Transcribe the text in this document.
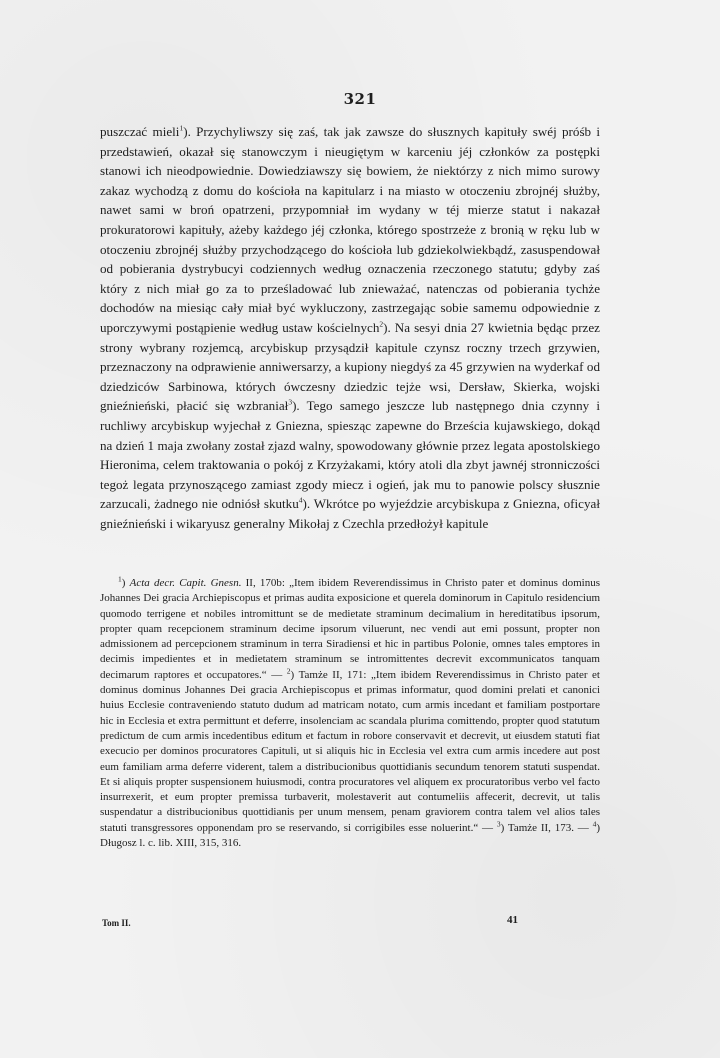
321

puszczać mieli$^1$). Przychyliwszy się zaś, tak jak zawsze do słusznych kapituły swéj próśb i przedstawień, okazał się stanowczym i nieugiętym w karceniu jéj członków za postępki stanowi ich nieodpowiednie. Dowiedziawszy się bowiem, że niektórzy z nich mimo surowy zakaz wychodzą z domu do kościoła na kapitularz i na miasto w otoczeniu zbrojnéj służby, nawet sami w broń opatrzeni, przypomniał im wydany w téj mierze statut i nakazał prokuratorowi kapituły, ażeby każdego jéj członka, którego spostrzeże z bronią w ręku lub w otoczeniu zbrojnéj służby przychodzącego do kościoła lub gdziekolwiekbądź, zasuspendował od pobierania dystrybucyi codziennych według oznaczenia rzeczonego statutu; gdyby zaś który z nich miał go za to prześladować lub znieważać, natenczas od pobierania tychże dochodów na miesiąc cały miał być wykluczony, zastrzegając sobie samemu odpowiednie z uporczywymi postąpienie według ustaw kościelnych$^2$). Na sesyi dnia 27 kwietnia będąc przez strony wybrany rozjemcą, arcybiskup przysądził kapitule czynsz roczny trzech grzywien, przeznaczony na odprawienie anniwersarzy, a kupiony niegdyś za 45 grzywien na wyderkaf od dziedziców Sarbinowa, których ówczesny dziedzic tejże wsi, Dersław, Skierka, wojski gnieźnieński, płacić się wzbraniał$^3$). Tego samego jeszcze lub następnego dnia czynny i ruchliwy arcybiskup wyjechał z Gniezna, spiesząc zapewne do Brześcia kujawskiego, dokąd na dzień 1 maja zwołany został zjazd walny, spowodowany głównie przez legata apostolskiego Hieronima, celem traktowania o pokój z Krzyżakami, który atoli dla zbyt jawnéj stronniczości tegoż legata przynoszącego zamiast zgody miecz i ogień, jak mu to panowie polscy słusznie zarzucali, żadnego nie odniósł skutku$^4$). Wkrótce po wyjeździe arcybiskupa z Gniezna, oficyał gnieźnieński i wikaryusz generalny Mikołaj z Czechla przedłożył kapitule

$^1$) Acta decr. Capit. Gnesn. II, 170b: „Item ibidem Reverendissimus in Christo pater et dominus dominus Johannes Dei gracia Archiepiscopus et primas audita exposicione et querela dominorum in Capitulo residencium quomodo terrigene et nobiles intromittunt se de medietate straminum decimalium in hereditatibus ipsorum, propter quam recepcionem straminum decime ipsorum viluerunt, nec vendi aut emi possunt, propter non admissionem ad percepcionem straminum in terra Siradiensi et hic in partibus Polonie, omnes tales emptores in decimis impedientes et in medietatem straminum se intromittentes decrevit excommunicatos tanquam decimarum raptores et occupatores.“ — $^2$) Tamże II, 171: „Item ibidem Reverendissimus in Christo pater et dominus dominus Johannes Dei gracia Archiepiscopus et primas informatur, quod domini prelati et canonici huius Ecclesie contraveniendo statuto dudum ad matricam notato, cum armis incedant et familiam postportare hic in Ecclesia et extra permittunt et deferre, insolenciam ac scandala plurima comittendo, propter quod statutum predictum de cum armis incedentibus editum et factum in robore conservavit et decrevit, ut eiusdem statuti fiat execucio per dominos procuratores Capituli, ut si aliquis hic in Ecclesia vel extra cum armis incedere aut post eum familiam arma deferre viderent, talem a distribucionibus quottidianis secundum tenorem statuti suspendat. Et si aliquis propter suspensionem huiusmodi, contra procuratores vel aliquem ex procuratoribus verbo vel facto insurrexerit, et eum propter premissa turbaverit, molestaverit aut contumeliis affecerit, decrevit, ut talis suspendatur a distribucionibus quottidianis per unum mensem, penam graviorem contra talem vel alios tales statuti transgressores opponendam pro se reservando, si corrigibiles esse noluerint.“ — $^3$) Tamże II, 173. — $^4$) Długosz l. c. lib. XIII, 315, 316.

Tom II.	41
